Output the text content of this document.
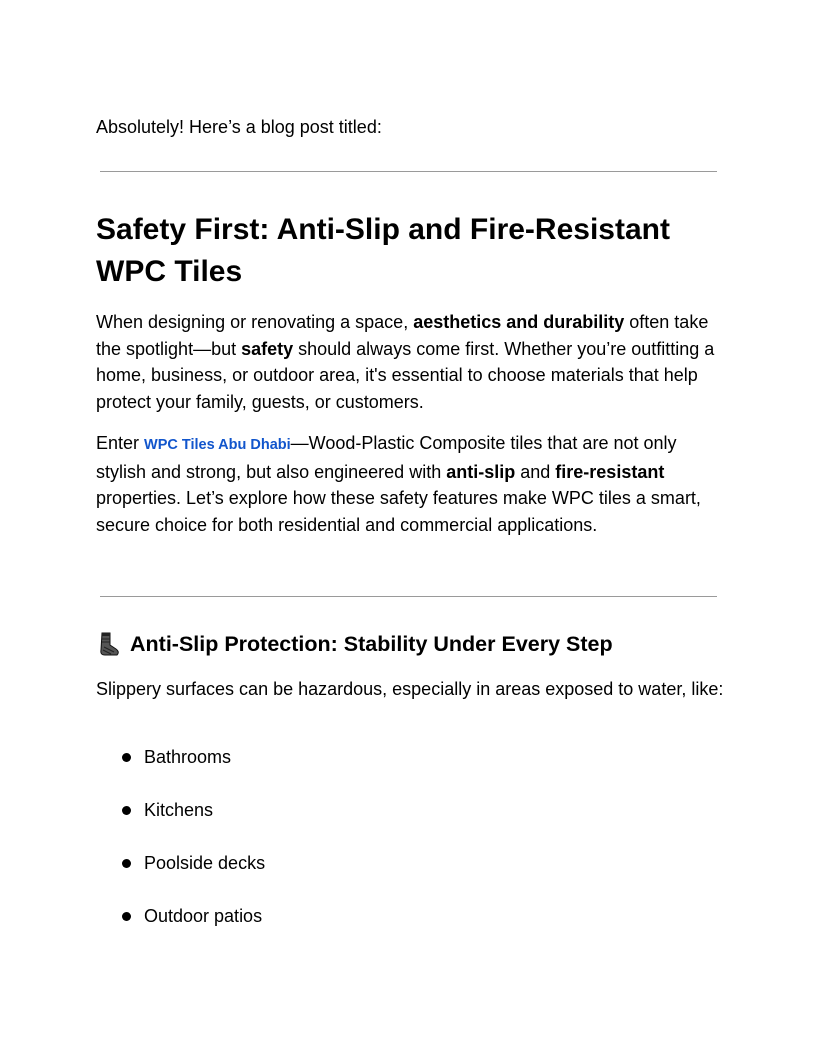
Absolutely! Here’s a blog post titled:

Safety First: Anti-Slip and Fire-Resistant WPC Tiles

When designing or renovating a space, aesthetics and durability often take the spotlight—but safety should always come first. Whether you’re outfitting a home, business, or outdoor area, it's essential to choose materials that help protect your family, guests, or customers.

Enter WPC Tiles Abu Dhabi—Wood-Plastic Composite tiles that are not only stylish and strong, but also engineered with anti-slip and fire-resistant properties. Let’s explore how these safety features make WPC tiles a smart, secure choice for both residential and commercial applications.

Anti-Slip Protection: Stability Under Every Step

Slippery surfaces can be hazardous, especially in areas exposed to water, like:

Bathrooms
Kitchens
Poolside decks
Outdoor patios
